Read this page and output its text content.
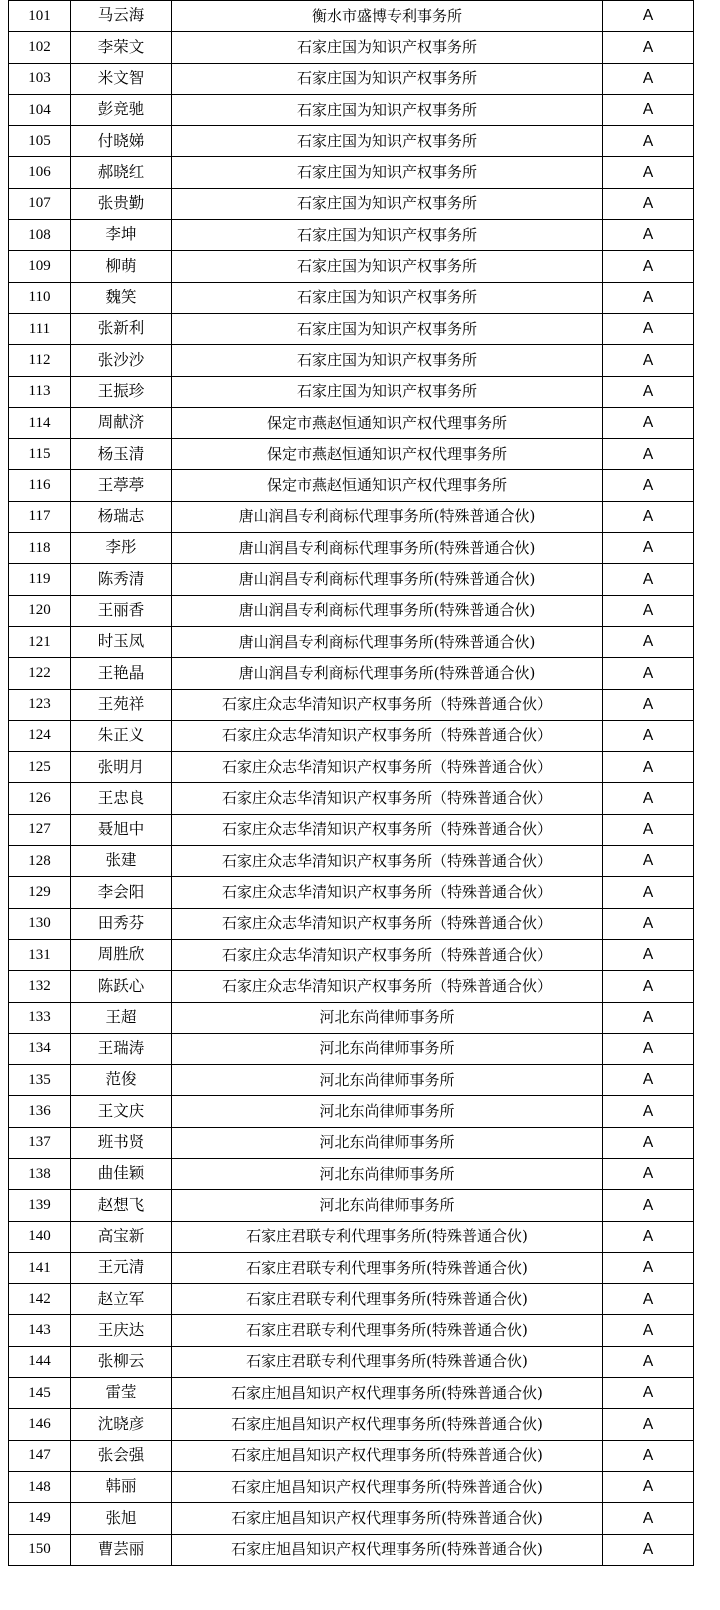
101	马云海	衡水市盛博专利事务所	A
102	李荣文	石家庄国为知识产权事务所	A
103	米文智	石家庄国为知识产权事务所	A
104	彭竞驰	石家庄国为知识产权事务所	A
105	付晓娣	石家庄国为知识产权事务所	A
106	郝晓红	石家庄国为知识产权事务所	A
107	张贵勤	石家庄国为知识产权事务所	A
108	李坤	石家庄国为知识产权事务所	A
109	柳萌	石家庄国为知识产权事务所	A
110	魏笑	石家庄国为知识产权事务所	A
111	张新利	石家庄国为知识产权事务所	A
112	张沙沙	石家庄国为知识产权事务所	A
113	王振珍	石家庄国为知识产权事务所	A
114	周献济	保定市燕赵恒通知识产权代理事务所	A
115	杨玉清	保定市燕赵恒通知识产权代理事务所	A
116	王葶葶	保定市燕赵恒通知识产权代理事务所	A
117	杨瑞志	唐山润昌专利商标代理事务所(特殊普通合伙)	A
118	李彤	唐山润昌专利商标代理事务所(特殊普通合伙)	A
119	陈秀清	唐山润昌专利商标代理事务所(特殊普通合伙)	A
120	王丽香	唐山润昌专利商标代理事务所(特殊普通合伙)	A
121	时玉凤	唐山润昌专利商标代理事务所(特殊普通合伙)	A
122	王艳晶	唐山润昌专利商标代理事务所(特殊普通合伙)	A
123	王苑祥	石家庄众志华清知识产权事务所（特殊普通合伙）	A
124	朱正义	石家庄众志华清知识产权事务所（特殊普通合伙）	A
125	张明月	石家庄众志华清知识产权事务所（特殊普通合伙）	A
126	王忠良	石家庄众志华清知识产权事务所（特殊普通合伙）	A
127	聂旭中	石家庄众志华清知识产权事务所（特殊普通合伙）	A
128	张建	石家庄众志华清知识产权事务所（特殊普通合伙）	A
129	李会阳	石家庄众志华清知识产权事务所（特殊普通合伙）	A
130	田秀芬	石家庄众志华清知识产权事务所（特殊普通合伙）	A
131	周胜欣	石家庄众志华清知识产权事务所（特殊普通合伙）	A
132	陈跃心	石家庄众志华清知识产权事务所（特殊普通合伙）	A
133	王超	河北东尚律师事务所	A
134	王瑞涛	河北东尚律师事务所	A
135	范俊	河北东尚律师事务所	A
136	王文庆	河北东尚律师事务所	A
137	班书贤	河北东尚律师事务所	A
138	曲佳颖	河北东尚律师事务所	A
139	赵想飞	河北东尚律师事务所	A
140	高宝新	石家庄君联专利代理事务所(特殊普通合伙)	A
141	王元清	石家庄君联专利代理事务所(特殊普通合伙)	A
142	赵立军	石家庄君联专利代理事务所(特殊普通合伙)	A
143	王庆达	石家庄君联专利代理事务所(特殊普通合伙)	A
144	张柳云	石家庄君联专利代理事务所(特殊普通合伙)	A
145	雷莹	石家庄旭昌知识产权代理事务所(特殊普通合伙)	A
146	沈晓彦	石家庄旭昌知识产权代理事务所(特殊普通合伙)	A
147	张会强	石家庄旭昌知识产权代理事务所(特殊普通合伙)	A
148	韩丽	石家庄旭昌知识产权代理事务所(特殊普通合伙)	A
149	张旭	石家庄旭昌知识产权代理事务所(特殊普通合伙)	A
150	曹芸丽	石家庄旭昌知识产权代理事务所(特殊普通合伙)	A
